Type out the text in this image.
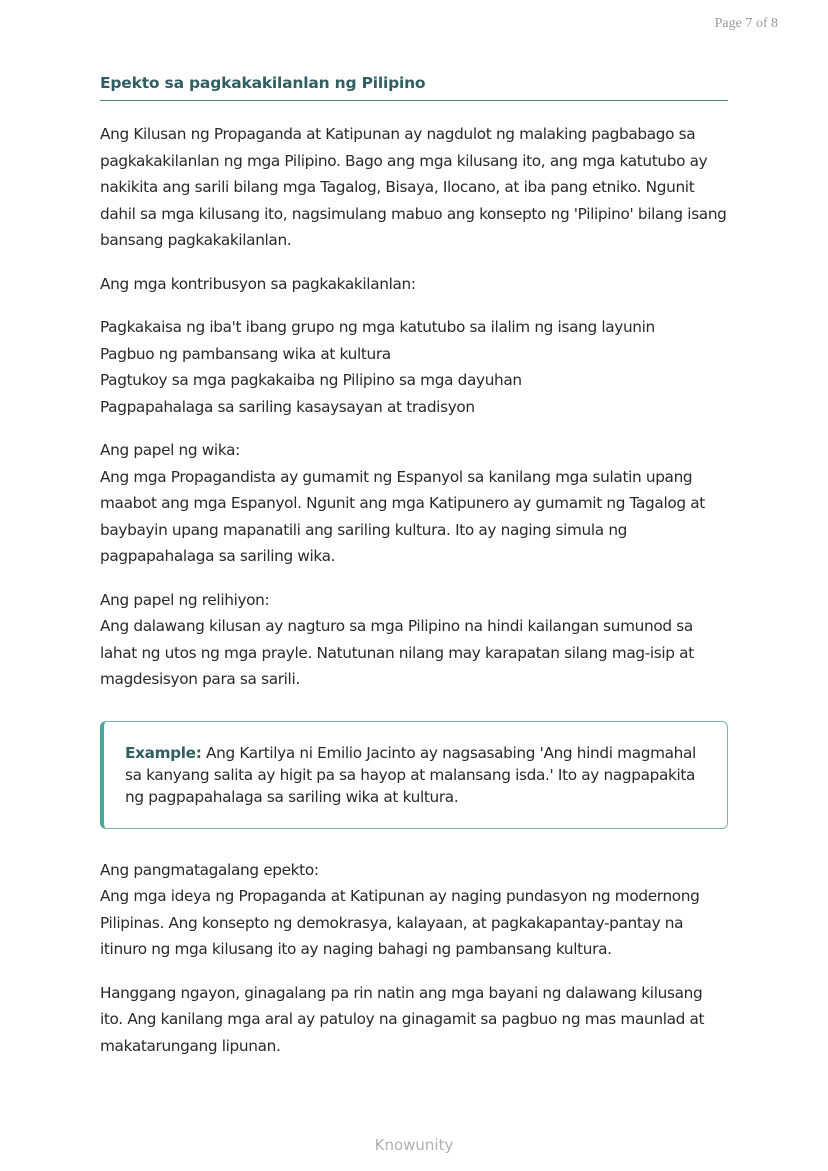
Page 7 of 8
Epekto sa pagkakakilanlan ng Pilipino

Ang Kilusan ng Propaganda at Katipunan ay nagdulot ng malaking pagbabago sa pagkakakilanlan ng mga Pilipino. Bago ang mga kilusang ito, ang mga katutubo ay nakikita ang sarili bilang mga Tagalog, Bisaya, Ilocano, at iba pang etniko. Ngunit dahil sa mga kilusang ito, nagsimulang mabuo ang konsepto ng 'Pilipino' bilang isang bansang pagkakakilanlan.

Ang mga kontribusyon sa pagkakakilanlan:

Pagkakaisa ng iba't ibang grupo ng mga katutubo sa ilalim ng isang layunin

Pagbuo ng pambansang wika at kultura

Pagtukoy sa mga pagkakaiba ng Pilipino sa mga dayuhan

Pagpapahalaga sa sariling kasaysayan at tradisyon

Ang papel ng wika:

Ang mga Propagandista ay gumamit ng Espanyol sa kanilang mga sulatin upang maabot ang mga Espanyol. Ngunit ang mga Katipunero ay gumamit ng Tagalog at baybayin upang mapanatili ang sariling kultura. Ito ay naging simula ng pagpapahalaga sa sariling wika.

Ang papel ng relihiyon:

Ang dalawang kilusan ay nagturo sa mga Pilipino na hindi kailangan sumunod sa lahat ng utos ng mga prayle. Natutunan nilang may karapatan silang mag-isip at magdesisyon para sa sarili.

Example: Ang Kartilya ni Emilio Jacinto ay nagsasabing 'Ang hindi magmahal sa kanyang salita ay higit pa sa hayop at malansang isda.' Ito ay nagpapakita ng pagpapahalaga sa sariling wika at kultura.

Ang pangmatagalang epekto:

Ang mga ideya ng Propaganda at Katipunan ay naging pundasyon ng modernong Pilipinas. Ang konsepto ng demokrasya, kalayaan, at pagkakapantay-pantay na itinuro ng mga kilusang ito ay naging bahagi ng pambansang kultura.

Hanggang ngayon, ginagalang pa rin natin ang mga bayani ng dalawang kilusang ito. Ang kanilang mga aral ay patuloy na ginagamit sa pagbuo ng mas maunlad at makatarungang lipunan.

Knowunity
